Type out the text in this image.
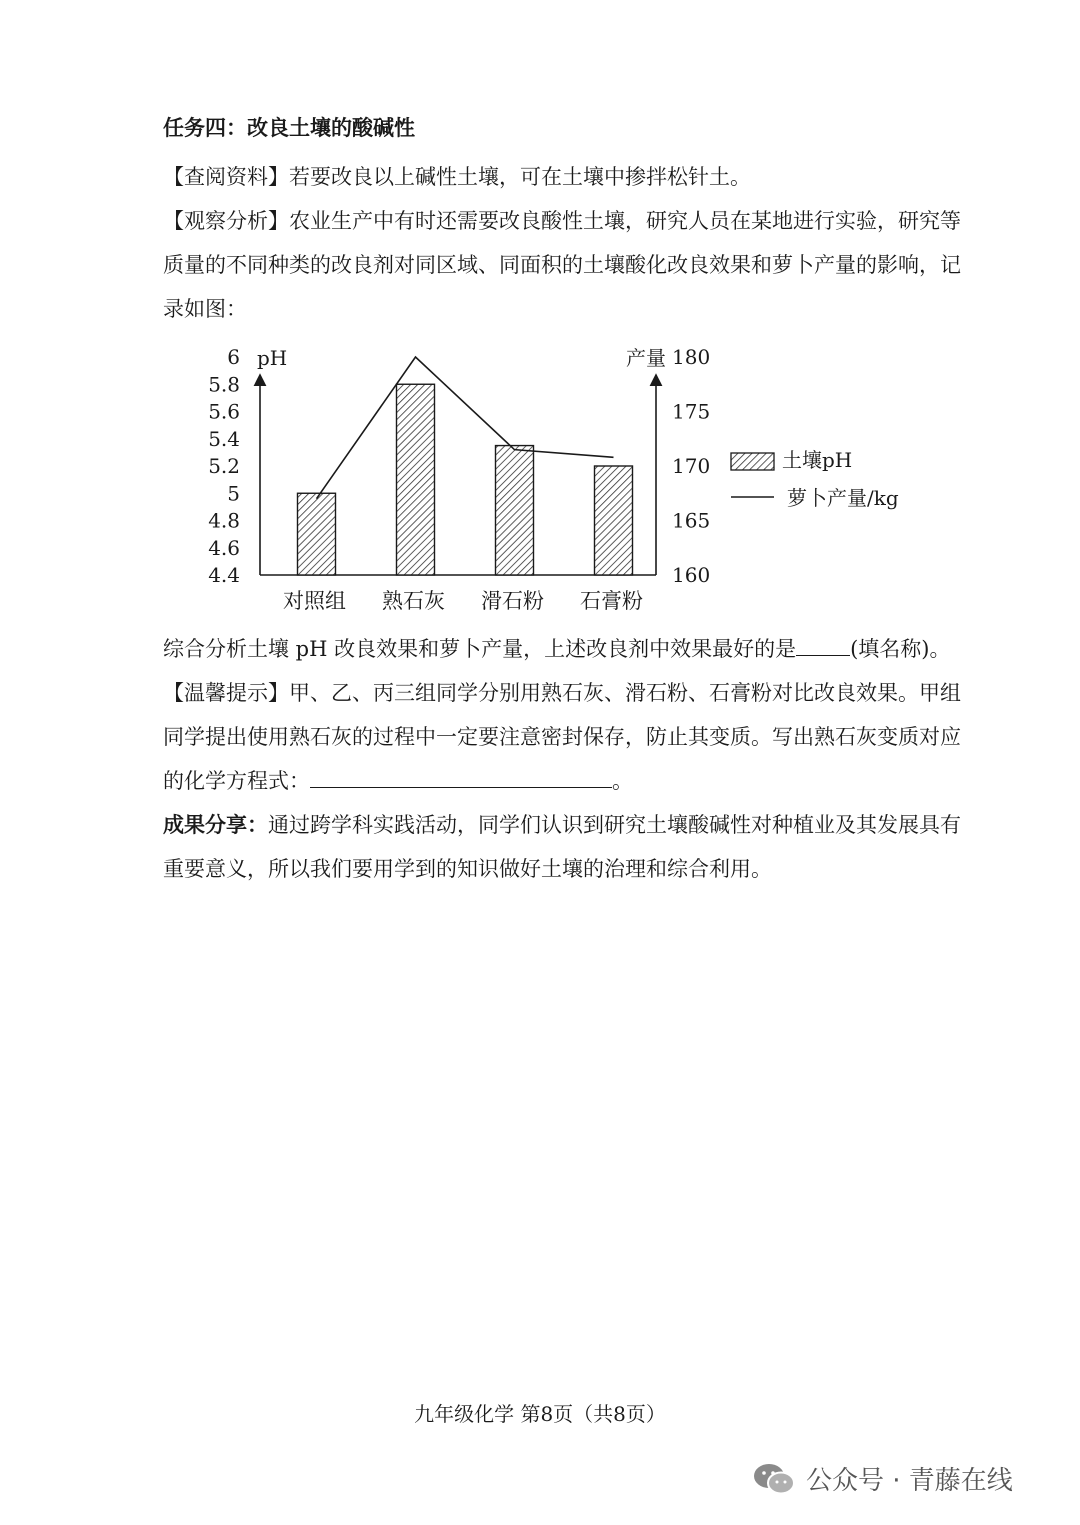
任务四：改良土壤的酸碱性

【查阅资料】若要改良以上碱性土壤，可在土壤中掺拌松针土。

【观察分析】农业生产中有时还需要改良酸性土壤，研究人员在某地进行实验，研究等质量的不同种类的改良剂对同区域、同面积的土壤酸化改良效果和萝卜产量的影响，记录如图：

6
5.8
5.6
5.4
5.2
5
4.8
4.6
4.4
180
175
170
165
160
pH	产量
对照组 熟石灰 滑石粉 石膏粉
土壤pH
萝卜产量/kg

综合分析土壤 pH 改良效果和萝卜产量，上述改良剂中效果最好的是	(填名称)。

【温馨提示】甲、乙、丙三组同学分别用熟石灰、滑石粉、石膏粉对比改良效果。甲组同学提出使用熟石灰的过程中一定要注意密封保存，防止其变质。写出熟石灰变质对应的化学方程式：	。

成果分享：通过跨学科实践活动，同学们认识到研究土壤酸碱性对种植业及其发展具有重要意义，所以我们要用学到的知识做好土壤的治理和综合利用。

九年级化学 第8页（共8页）
公众号 · 青藤在线
